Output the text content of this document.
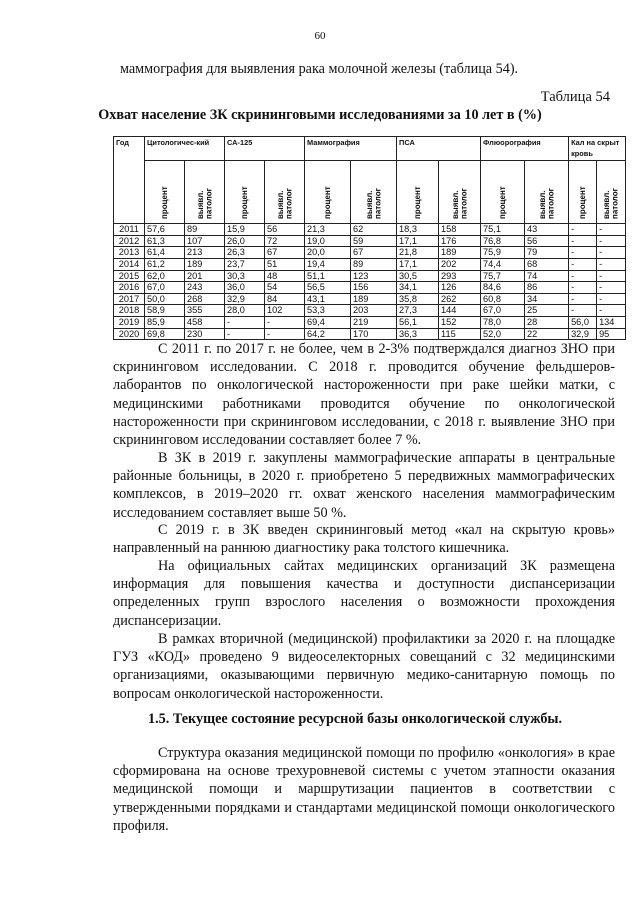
60

маммография для выявления рака молочной железы (таблица 54).

Таблица 54
Охват население ЗК скрининговыми исследованиями за 10 лет в (%)
Год	Цитологичес-кий		СА-125		Маммография		ПСА		Флюорография		Кал на скрыт кровь	

	процент	выявл. патолог	процент	выявл. патолог	процент	выявл. патолог	процент	выявл. патолог	процент	выявл. патолог	процент	выявл. патолог

2011	57,6	89	15,9	56	21,3	62	18,3	158	75,1	43	-	-
2012	61,3	107	26,0	72	19,0	59	17,1	176	76,8	56	-	-
2013	61,4	213	26,3	67	20,0	67	21,8	189	75,9	79	-	-
2014	61,2	189	23,7	51	19,4	89	17,1	202	74,4	68	-	-
2015	62,0	201	30,3	48	51,1	123	30,5	293	75,7	74	-	-
2016	67,0	243	36,0	54	56,5	156	34,1	126	84,6	86	-	-
2017	50,0	268	32,9	84	43,1	189	35,8	262	60,8	34	-	-
2018	58,9	355	28,0	102	53,3	203	27,3	144	67,0	25	-	-
2019	85,9	458	-	-	69,4	219	56,1	152	78,0	28	56,0	134
2020	69,8	230	-	-	64,2	170	36,3	115	52,0	22	32,9	95

С 2011 г. по 2017 г. не более, чем в 2-3% подтверждался диагноз ЗНО при скрининговом исследовании. С 2018 г. проводится обучение фельдшеров-лаборантов по онкологической настороженности при раке шейки матки, с медицинскими работниками проводится обучение по онкологической настороженности при скрининговом исследовании, с 2018 г. выявление ЗНО при скрининговом исследовании составляет более 7 %.

В ЗК в 2019 г. закуплены маммографические аппараты в центральные районные больницы, в 2020 г. приобретено 5 передвижных маммографических комплексов, в 2019–2020 гг. охват женского населения маммографическим исследованием составляет выше 50 %.

С 2019 г. в ЗК введен скрининговый метод «кал на скрытую кровь» направленный на раннюю диагностику рака толстого кишечника.

На официальных сайтах медицинских организаций ЗК размещена информация для повышения качества и доступности диспансеризации определенных групп взрослого населения о возможности прохождения диспансеризации.

В рамках вторичной (медицинской) профилактики за 2020 г. на площадке ГУЗ «КОД» проведено 9 видеоселекторных совещаний с 32 медицинскими организациями, оказывающими первичную медико-санитарную помощь по вопросам онкологической настороженности.

1.5. Текущее состояние ресурсной базы онкологической службы.

Структура оказания медицинской помощи по профилю «онкология» в крае сформирована на основе трехуровневой системы с учетом этапности оказания медицинской помощи и маршрутизации пациентов в соответствии с утвержденными порядками и стандартами медицинской помощи онкологического профиля.
